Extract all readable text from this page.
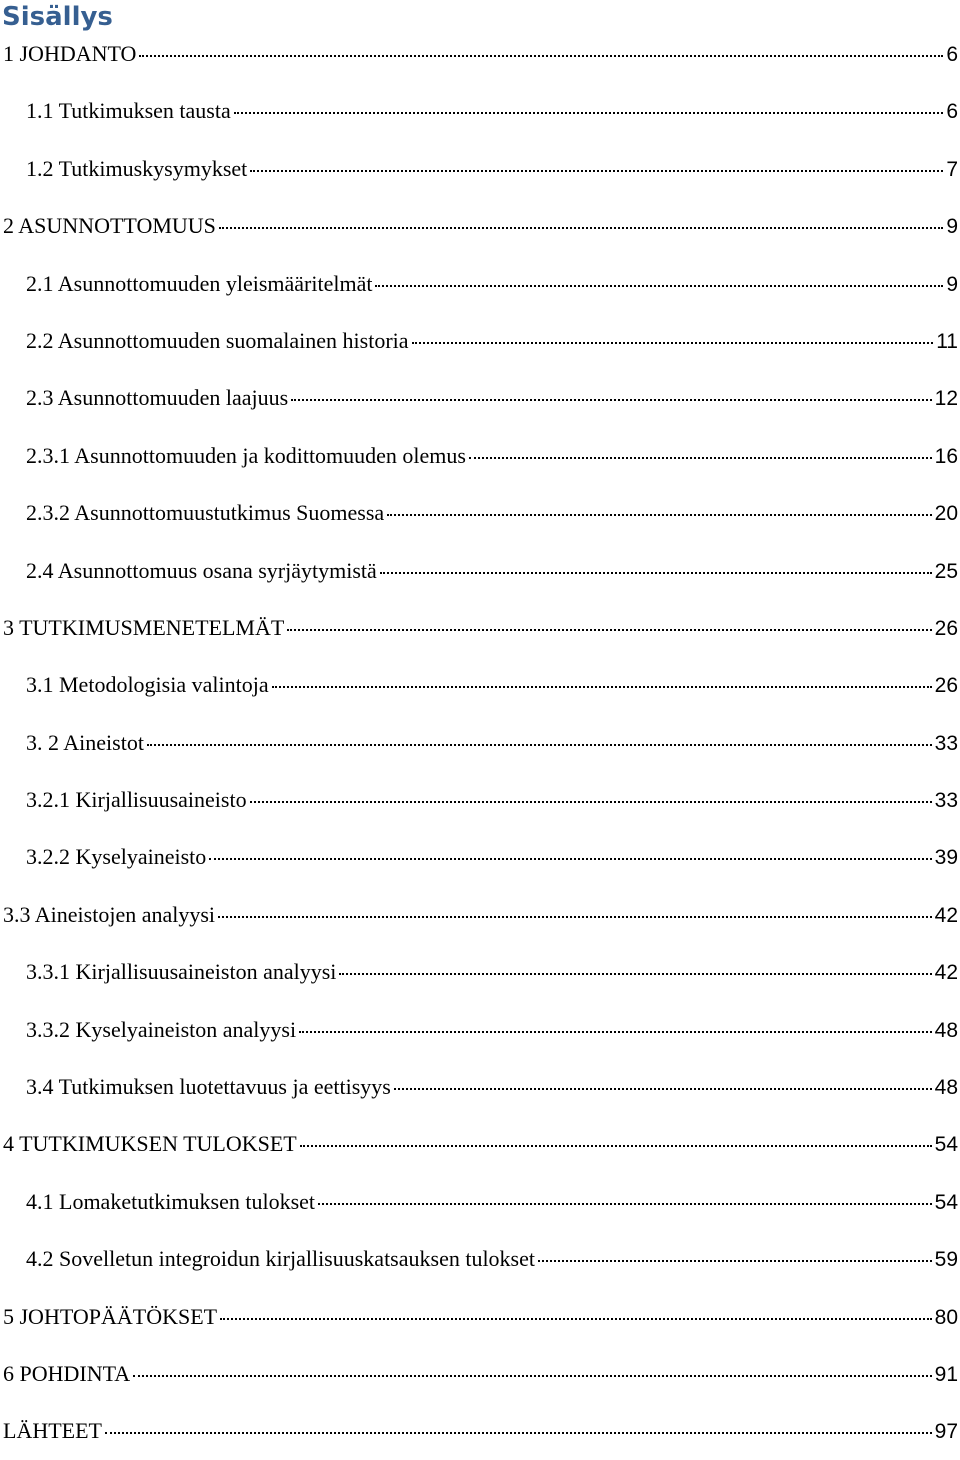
Sisällys
1 JOHDANTO	6
1.1 Tutkimuksen tausta	6
1.2 Tutkimuskysymykset	7
2 ASUNNOTTOMUUS	9
2.1 Asunnottomuuden yleismääritelmät	9
2.2 Asunnottomuuden suomalainen historia	11
2.3 Asunnottomuuden laajuus	12
2.3.1 Asunnottomuuden ja kodittomuuden olemus	16
2.3.2 Asunnottomuustutkimus Suomessa	20
2.4 Asunnottomuus osana syrjäytymistä	25
3 TUTKIMUSMENETELMÄT	26
3.1 Metodologisia valintoja	26
3. 2 Aineistot	33
3.2.1 Kirjallisuusaineisto	33
3.2.2 Kyselyaineisto	39
3.3 Aineistojen analyysi	42
3.3.1 Kirjallisuusaineiston analyysi	42
3.3.2 Kyselyaineiston analyysi	48
3.4 Tutkimuksen luotettavuus ja eettisyys	48
4 TUTKIMUKSEN TULOKSET	54
4.1 Lomaketutkimuksen tulokset	54
4.2 Sovelletun integroidun kirjallisuuskatsauksen tulokset	59
5 JOHTOPÄÄTÖKSET	80
6 POHDINTA	91
LÄHTEET	97
